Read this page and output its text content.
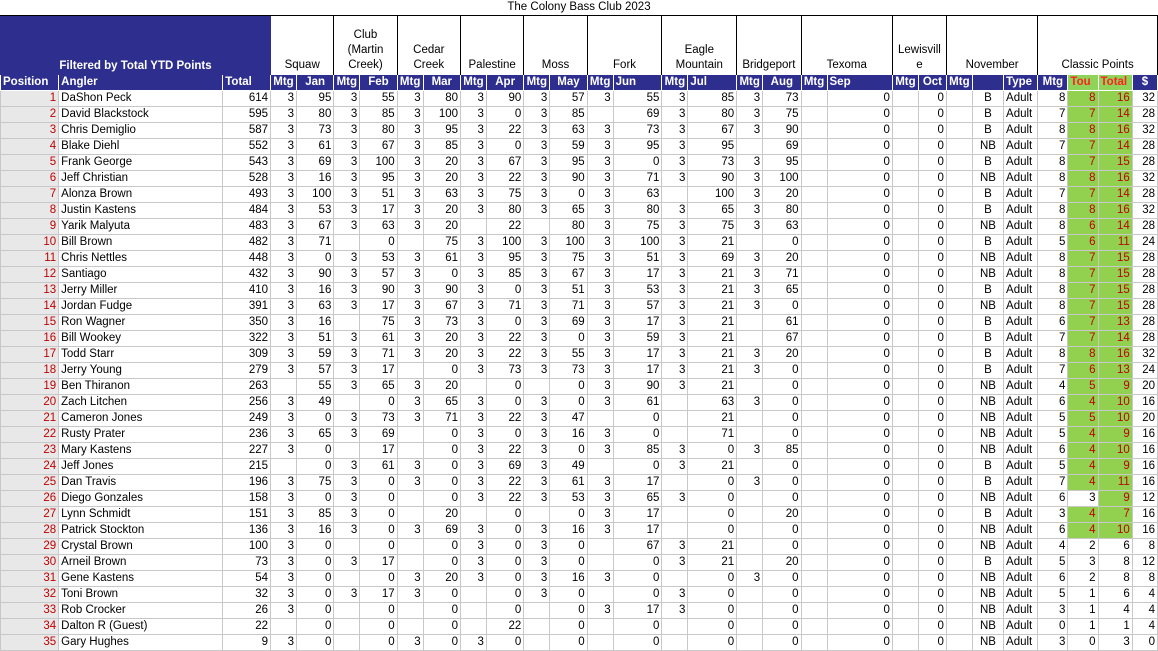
The Colony Bass Club 2023																													
Filtered by Total YTD Points			Squaw		Club (Martin Creek)		Cedar Creek		Palestine		Moss		Fork		Eagle Mountain		Bridgeport		Texoma		Lewisville		November			Classic Points			
Position	Angler	Total	Mtg	Jan	Mtg	Feb	Mtg	Mar	Mtg	Apr	Mtg	May	Mtg	Jun	Mtg	Jul	Mtg	Aug	Mtg	Sep	Mtg	Oct	Mtg		Type	Mtg	Tou	Total	$
1	DaShon Peck	614	3	95	3	55	3	80	3	90	3	57	3	55	3	85	3	73		0		0		B	Adult	8	8	16	32
2	David Blackstock	595	3	80	3	85	3	100	3	0	3	85		69	3	80	3	75		0		0		B	Adult	7	7	14	28
3	Chris Demiglio	587	3	73	3	80	3	95	3	22	3	63	3	73	3	67	3	90		0		0		B	Adult	8	8	16	32
4	Blake Diehl	552	3	61	3	67	3	85	3	0	3	59	3	95	3	95		69		0		0		NB	Adult	7	7	14	28
5	Frank George	543	3	69	3	100	3	20	3	67	3	95	3	0	3	73	3	95		0		0		B	Adult	8	7	15	28
6	Jeff Christian	528	3	16	3	95	3	20	3	22	3	90	3	71	3	90	3	100		0		0		NB	Adult	8	8	16	32
7	Alonza Brown	493	3	100	3	51	3	63	3	75	3	0	3	63		100	3	20		0		0		B	Adult	7	7	14	28
8	Justin Kastens	484	3	53	3	17	3	20	3	80	3	65	3	80	3	65	3	80		0		0		B	Adult	8	8	16	32
9	Yarik Malyuta	483	3	67	3	63	3	20		22		80	3	75	3	75	3	63		0		0		NB	Adult	8	6	14	28
10	Bill Brown	482	3	71		0		75	3	100	3	100	3	100	3	21		0		0		0		B	Adult	5	6	11	24
11	Chris Nettles	448	3	0	3	53	3	61	3	95	3	75	3	51	3	69	3	20		0		0		NB	Adult	8	7	15	28
12	Santiago	432	3	90	3	57	3	0	3	85	3	67	3	17	3	21	3	71		0		0		NB	Adult	8	7	15	28
13	Jerry Miller	410	3	16	3	90	3	90	3	0	3	51	3	53	3	21	3	65		0		0		B	Adult	8	7	15	28
14	Jordan Fudge	391	3	63	3	17	3	67	3	71	3	71	3	57	3	21	3	0		0		0		NB	Adult	8	7	15	28
15	Ron Wagner	350	3	16		75	3	73	3	0	3	69	3	17	3	21		61		0		0		B	Adult	6	7	13	28
16	Bill Wookey	322	3	51	3	61	3	20	3	22	3	0	3	59	3	21		67		0		0		B	Adult	7	7	14	28
17	Todd Starr	309	3	59	3	71	3	20	3	22	3	55	3	17	3	21	3	20		0		0		B	Adult	8	8	16	32
18	Jerry Young	279	3	57	3	17		0	3	73	3	73	3	17	3	21	3	0		0		0		B	Adult	7	6	13	24
19	Ben Thiranon	263		55	3	65	3	20		0		0	3	90	3	21		0		0		0		NB	Adult	4	5	9	20
20	Zach Litchen	256	3	49		0	3	65	3	0	3	0	3	61		63	3	0		0		0		NB	Adult	6	4	10	16
21	Cameron Jones	249	3	0	3	73	3	71	3	22	3	47		0		21		0		0		0		NB	Adult	5	5	10	20
22	Rusty Prater	236	3	65	3	69		0	3	0	3	16	3	0		71		0		0		0		NB	Adult	5	4	9	16
23	Mary Kastens	227	3	0		17		0	3	22	3	0	3	85	3	0	3	85		0		0		NB	Adult	6	4	10	16
24	Jeff Jones	215		0	3	61	3	0	3	69	3	49		0	3	21		0		0		0		B	Adult	5	4	9	16
25	Dan Travis	196	3	75	3	0	3	0	3	22	3	61	3	17		0	3	0		0		0		B	Adult	7	4	11	16
26	Diego Gonzales	158	3	0	3	0		0	3	22	3	53	3	65	3	0		0		0		0		NB	Adult	6	3	9	12
27	Lynn Schmidt	151	3	85	3	0		20		0		0	3	17		0		20		0		0		B	Adult	3	4	7	16
28	Patrick Stockton	136	3	16	3	0	3	69	3	0	3	16	3	17		0		0		0		0		NB	Adult	6	4	10	16
29	Crystal Brown	100	3	0		0		0	3	0	3	0		67	3	21		0		0		0		NB	Adult	4	2	6	8
30	Arneil Brown	73	3	0	3	17		0	3	0	3	0		0	3	21		20		0		0		B	Adult	5	3	8	12
31	Gene Kastens	54	3	0		0	3	20	3	0	3	16	3	0		0	3	0		0		0		NB	Adult	6	2	8	8
32	Toni Brown	32	3	0	3	17	3	0		0	3	0		0	3	0		0		0		0		NB	Adult	5	1	6	4
33	Rob Crocker	26	3	0		0		0		0		0	3	17	3	0		0		0		0		NB	Adult	3	1	4	4
34	Dalton R (Guest)	22		0		0		0		22		0		0		0		0		0		0		NB	Adult	0	1	1	4
35	Gary Hughes	9	3	0		0	3	0	3	0		0		0		0		0		0		0		NB	Adult	3	0	3	0
